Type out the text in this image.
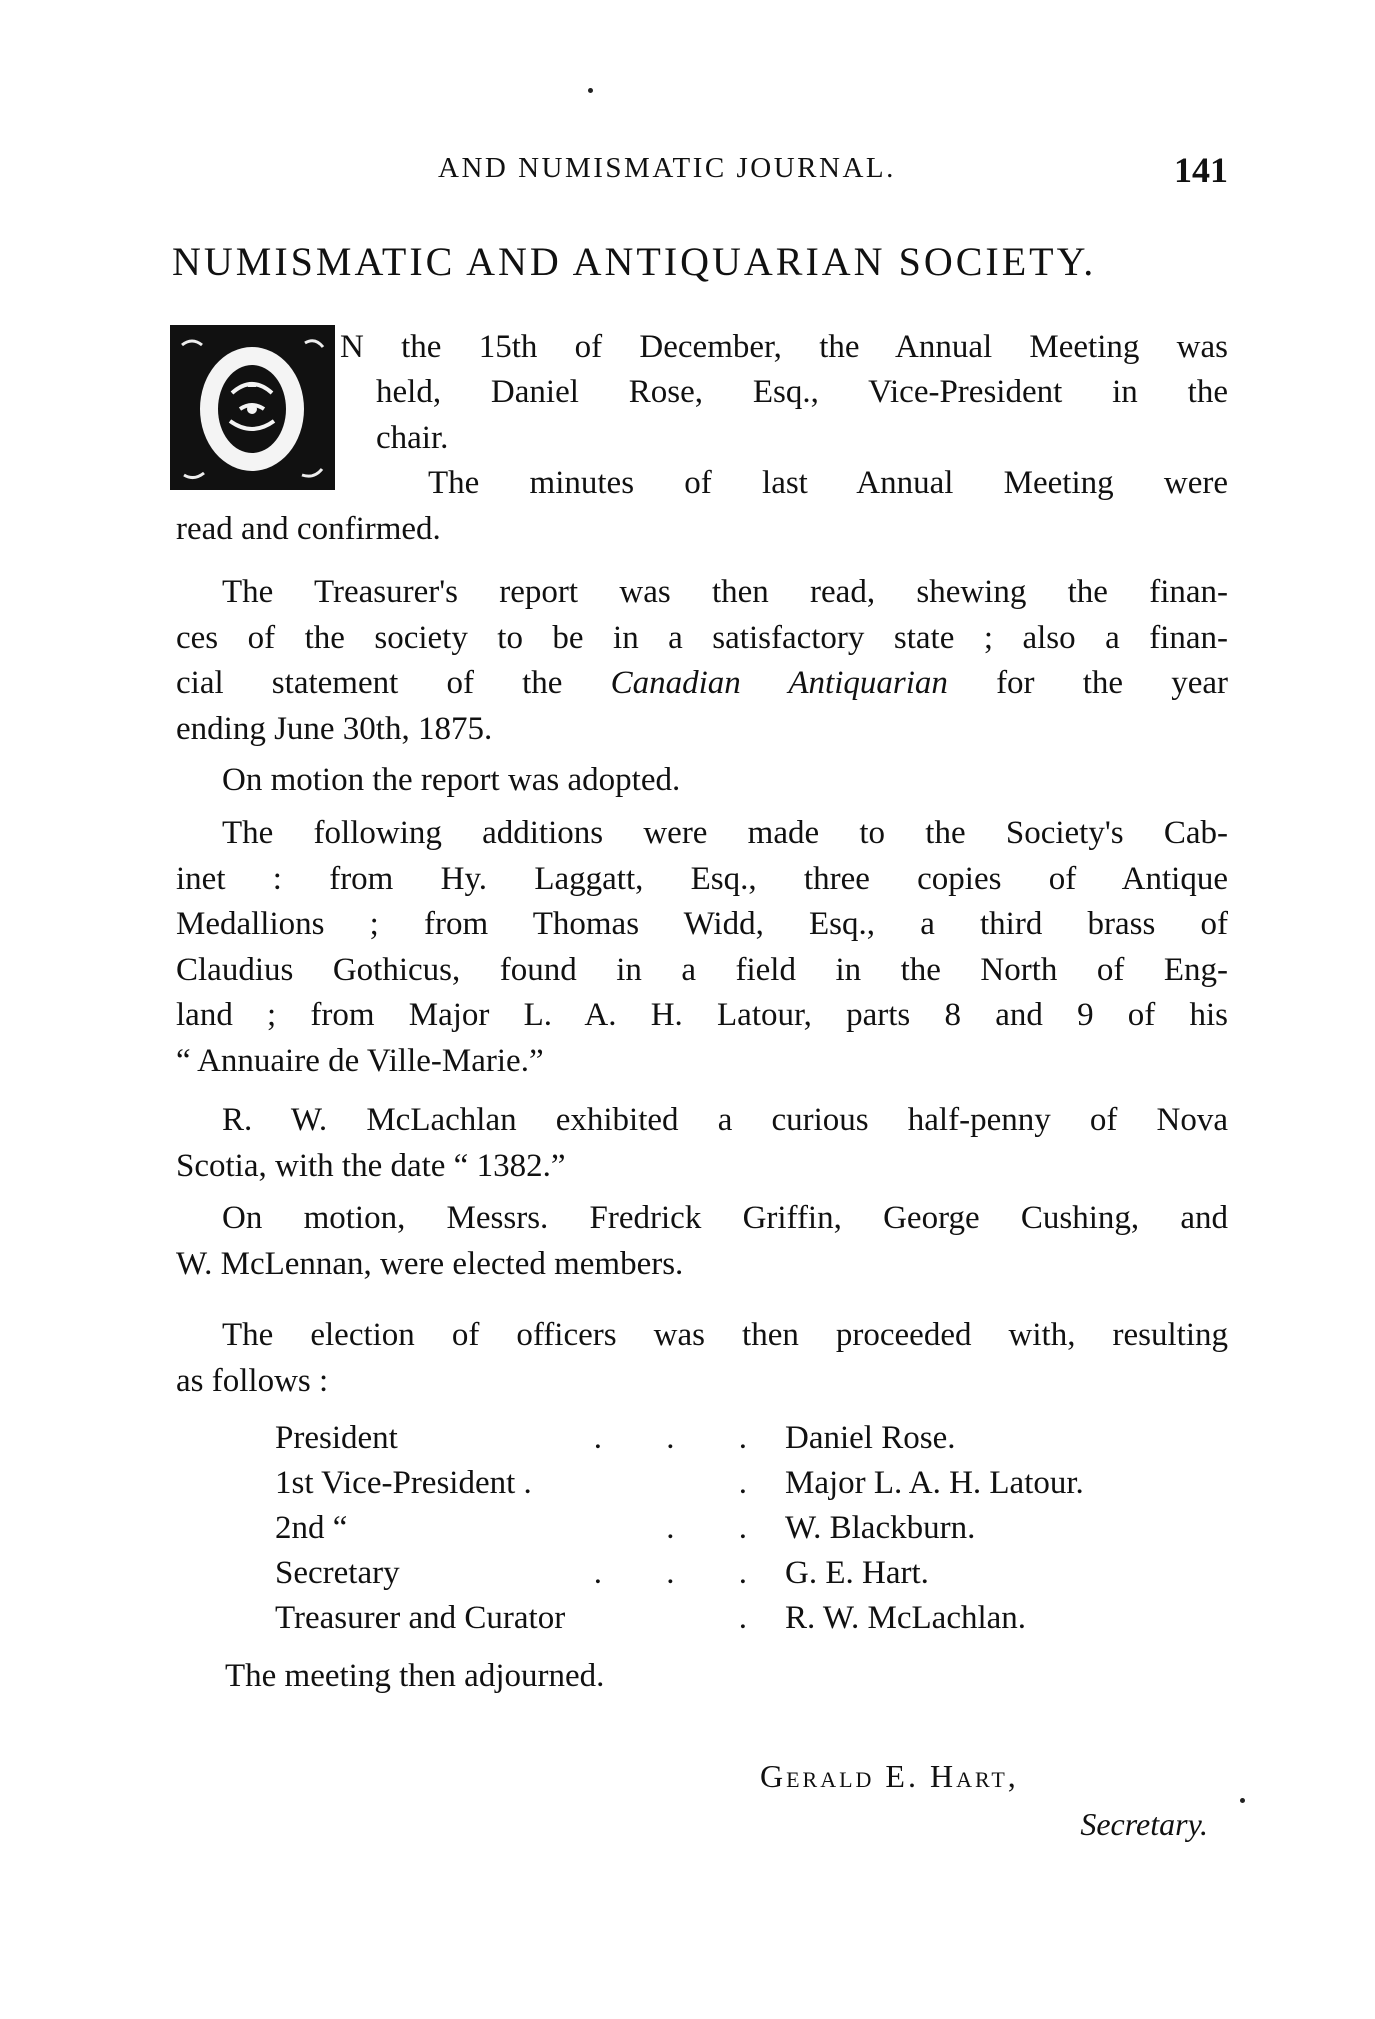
AND NUMISMATIC JOURNAL.	141
NUMISMATIC AND ANTIQUARIAN SOCIETY.
N the 15th of December, the Annual Meeting was
held, Daniel Rose, Esq., Vice-President in the
chair.
The minutes of last Annual Meeting were
read and confirmed.
The Treasurer's report was then read, shewing the finan-
ces of the society to be in a satisfactory state ; also a finan-
cial statement of the Canadian Antiquarian for the year
ending June 30th, 1875.
On motion the report was adopted.
The following additions were made to the Society's Cab-
inet : from Hy. Laggatt, Esq., three copies of Antique
Medallions ; from Thomas Widd, Esq., a third brass of
Claudius Gothicus, found in a field in the North of Eng-
land ; from Major L. A. H. Latour, parts 8 and 9 of his
“ Annuaire de Ville-Marie.”
R. W. McLachlan exhibited a curious half-penny of Nova
Scotia, with the date “ 1382.”
On motion, Messrs. Fredrick Griffin, George Cushing, and
W. McLennan, were elected members.
The election of officers was then proceeded with, resulting
as follows :
President	. . . Daniel Rose.
1st Vice-President .	. Major L. A. H. Latour.
2nd “	. . W. Blackburn.
Secretary	. . . G. E. Hart.
Treasurer and Curator	. R. W. McLachlan.
The meeting then adjourned.
Gerald E. Hart,
Secretary.
